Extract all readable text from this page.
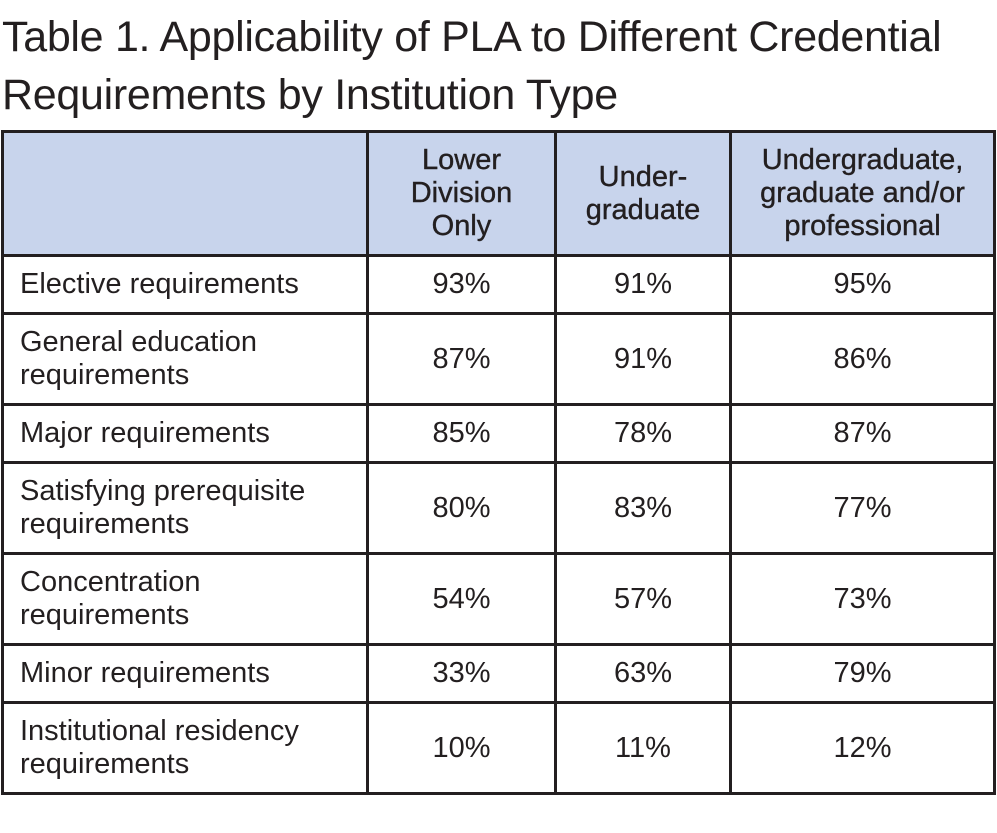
Table 1. Applicability of PLA to Different Credential Requirements by Institution Type

	Lower Division Only	Under-graduate	Undergraduate, graduate and/or professional

Elective requirements	93%	91%	95%
General education requirements	87%	91%	86%
Major requirements	85%	78%	87%
Satisfying prerequisite requirements	80%	83%	77%
Concentration requirements	54%	57%	73%
Minor requirements	33%	63%	79%
Institutional residency requirements	10%	11%	12%
